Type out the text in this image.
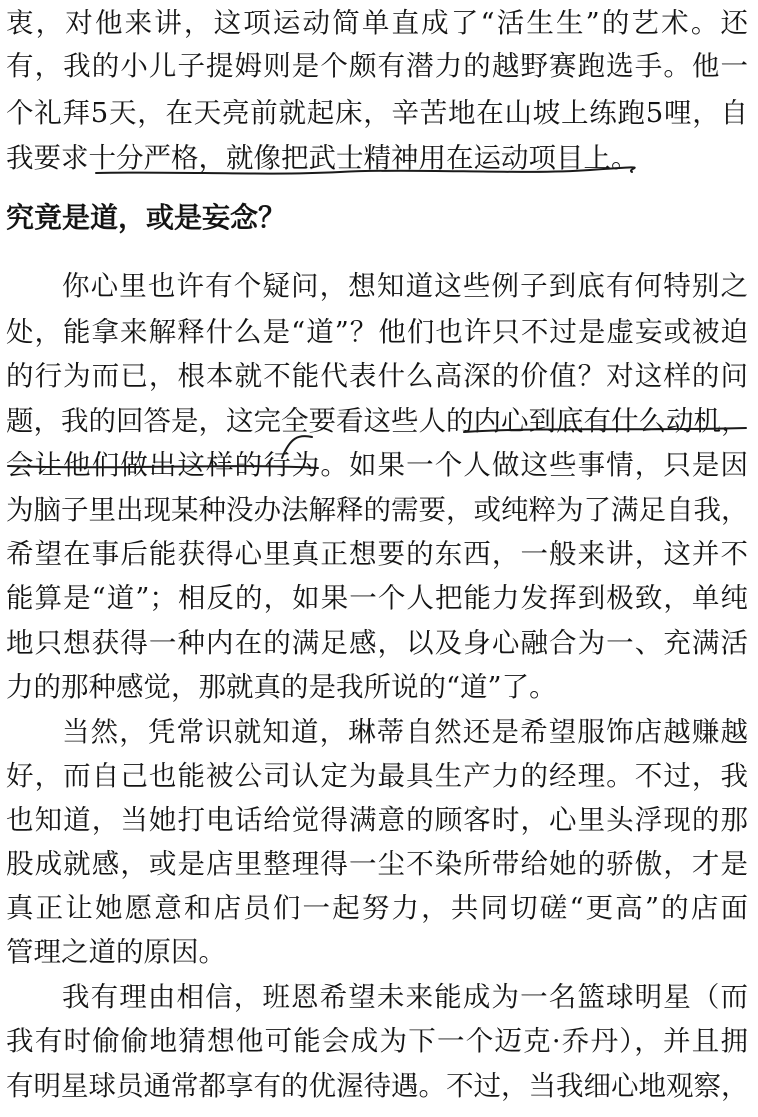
衷，对他来讲，这项运动简单直成了“活生生”的艺术。还
有，我的小儿子提姆则是个颇有潜力的越野赛跑选手。他一
个礼拜5天，在天亮前就起床，辛苦地在山坡上练跑5哩，自
我要求十分严格，就像把武士精神用在运动项目上。
究竟是道，或是妄念？
你心里也许有个疑问，想知道这些例子到底有何特别之
处，能拿来解释什么是“道”？他们也许只不过是虚妄或被迫
的行为而已，根本就不能代表什么高深的价值？对这样的问
题，我的回答是，这完全要看这些人的内心到底有什么动机，
会让他们做出这样的行为。如果一个人做这些事情，只是因
为脑子里出现某种没办法解释的需要，或纯粹为了满足自我，
希望在事后能获得心里真正想要的东西，一般来讲，这并不
能算是“道”；相反的，如果一个人把能力发挥到极致，单纯
地只想获得一种内在的满足感，以及身心融合为一、充满活
力的那种感觉，那就真的是我所说的“道”了。
当然，凭常识就知道，琳蒂自然还是希望服饰店越赚越
好，而自己也能被公司认定为最具生产力的经理。不过，我
也知道，当她打电话给觉得满意的顾客时，心里头浮现的那
股成就感，或是店里整理得一尘不染所带给她的骄傲，才是
真正让她愿意和店员们一起努力，共同切磋“更高”的店面
管理之道的原因。
我有理由相信，班恩希望未来能成为一名篮球明星（而
我有时偷偷地猜想他可能会成为下一个迈克·乔丹），并且拥
有明星球员通常都享有的优渥待遇。不过，当我细心地观察，
